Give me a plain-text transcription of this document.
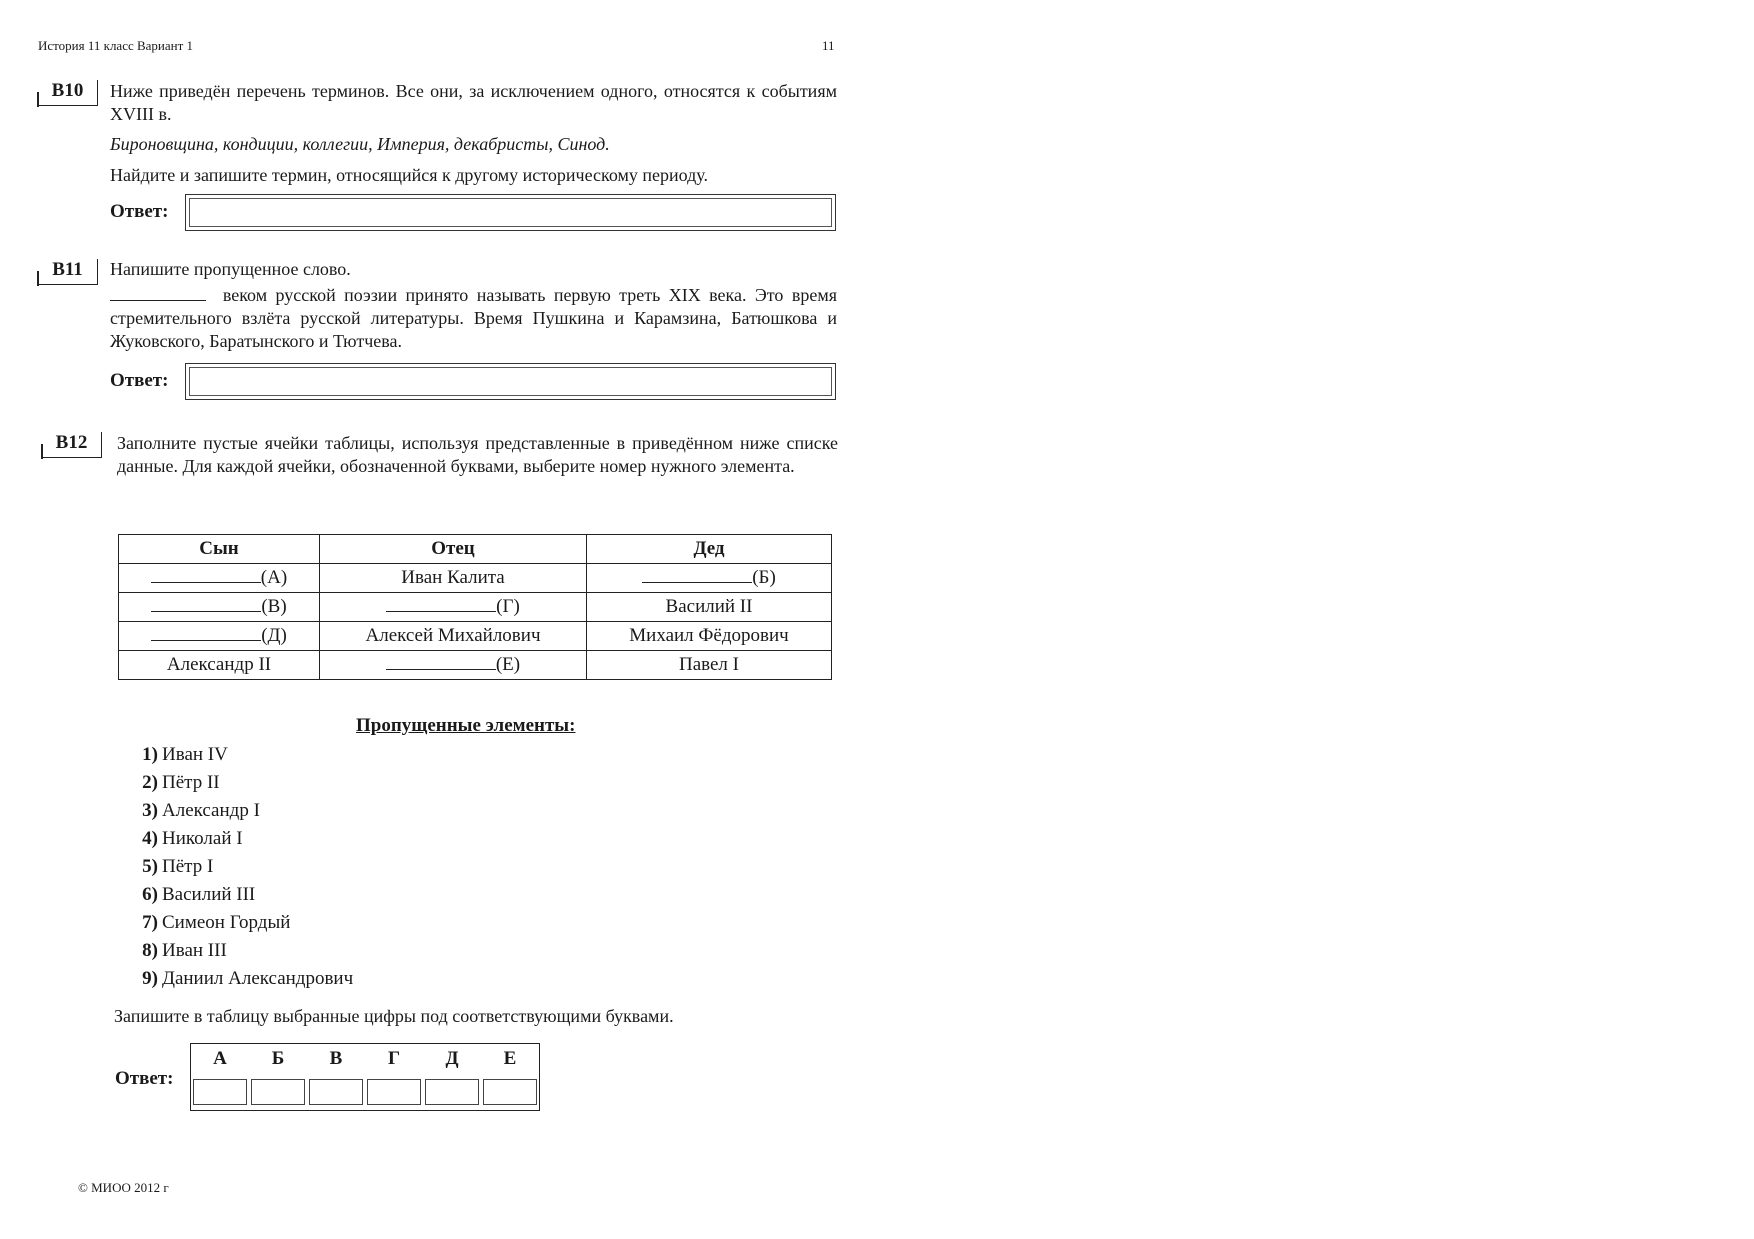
История 11 класс Вариант 1	11
B10	Ниже приведён перечень терминов. Все они, за исключением одного, относятся к событиям XVIII в.
Бироновщина, кондиции, коллегии, Империя, декабристы, Синод.
Найдите и запишите термин, относящийся к другому историческому периоду.
Ответ:
B11	Напишите пропущенное слово.
веком русской поэзии принято называть первую треть XIX века. Это время стремительного взлёта русской литературы. Время Пушкина и Карамзина, Батюшкова и Жуковского, Баратынского и Тютчева.
Ответ:
B12	Заполните пустые ячейки таблицы, используя представленные в приведённом ниже списке данные. Для каждой ячейки, обозначенной буквами, выберите номер нужного элемента.
Сын	Отец	Дед
(А)	Иван Калита	(Б)
(В)	(Г)	Василий II
(Д)	Алексей Михайлович	Михаил Фёдорович
Александр II	(Е)	Павел I
Пропущенные элементы:
1) Иван IV
2) Пётр II
3) Александр I
4) Николай I
5) Пётр I
6) Василий III
7) Симеон Гордый
8) Иван III
9) Даниил Александрович
Запишите в таблицу выбранные цифры под соответствующими буквами.
Ответ:
А	Б	В	Г	Д	Е

© МИОО 2012 г
